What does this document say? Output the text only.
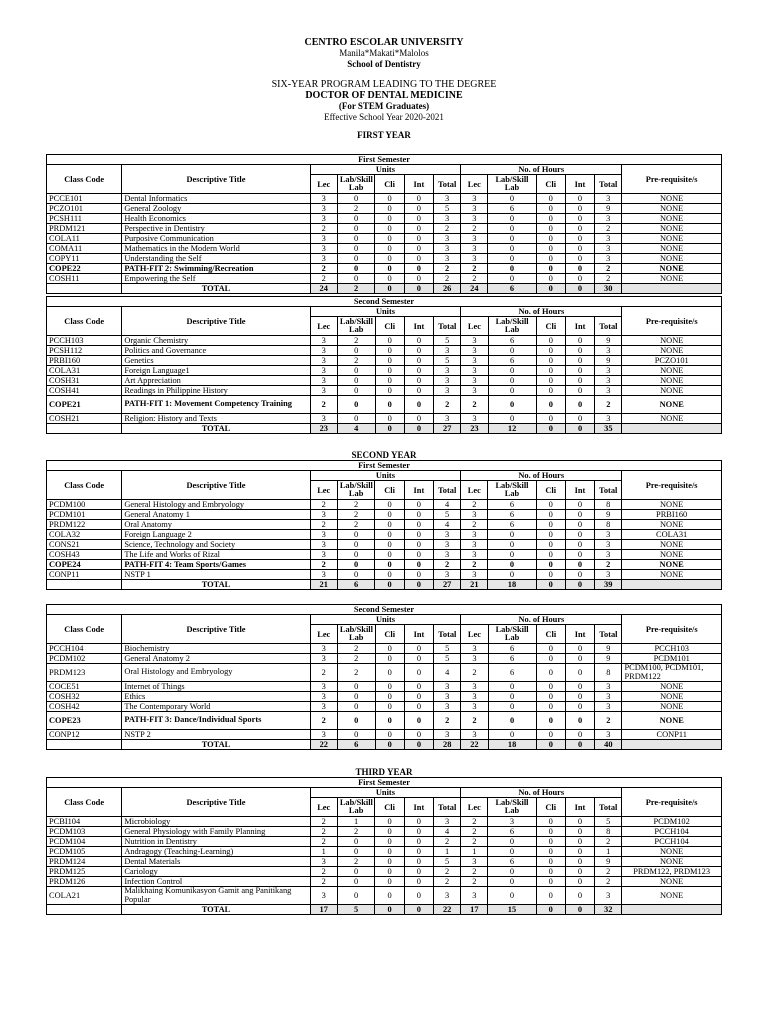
CENTRO ESCOLAR UNIVERSITY

Manila*Makati*Malolos

School of Dentistry

SIX-YEAR PROGRAM LEADING TO THE DEGREE

DOCTOR OF DENTAL MEDICINE

(For STEM Graduates)

Effective School Year 2020-2021

FIRST YEAR
First Semester												
Class Code	Descriptive Title	Units					No. of Hours					Pre-requisite/s
		Lec	Lab/Skill Lab	Cli	Int	Total	Lec	Lab/Skill Lab	Cli	Int	Total	
PCCE101	Dental Informatics	3	0	0	0	3	3	0	0	0	3	NONE
PCZO101	General Zoology	3	2	0	0	5	3	6	0	0	9	NONE
PCSH111	Health Economics	3	0	0	0	3	3	0	0	0	3	NONE
PRDM121	Perspective in Dentistry	2	0	0	0	2	2	0	0	0	2	NONE
COLA11	Purposive Communication	3	0	0	0	3	3	0	0	0	3	NONE
COMA11	Mathematics in the Modern World	3	0	0	0	3	3	0	0	0	3	NONE
COPY11	Understanding the Self	3	0	0	0	3	3	0	0	0	3	NONE
COPE22	PATH-FIT 2: Swimming/Recreation	2	0	0	0	2	2	0	0	0	2	NONE
COSH11	Empowering the Self	2	0	0	0	2	2	0	0	0	2	NONE
	TOTAL	24	2	0	0	26	24	6	0	0	30	
Second Semester												
Class Code	Descriptive Title	Units					No. of Hours					Pre-requisite/s
		Lec	Lab/Skill Lab	Cli	Int	Total	Lec	Lab/Skill Lab	Cli	Int	Total	
PCCH103	Organic Chemistry	3	2	0	0	5	3	6	0	0	9	NONE
PCSH112	Politics and Governance	3	0	0	0	3	3	0	0	0	3	NONE
PRBI160	Genetics	3	2	0	0	5	3	6	0	0	9	PCZO101
COLA31	Foreign Language1	3	0	0	0	3	3	0	0	0	3	NONE
COSH31	Art Appreciation	3	0	0	0	3	3	0	0	0	3	NONE
COSH41	Readings in Philippine History	3	0	0	0	3	3	0	0	0	3	NONE
COPE21	PATH-FIT 1: Movement Competency Training	2	0	0	0	2	2	0	0	0	2	NONE
COSH21	Religion: History and Texts	3	0	0	0	3	3	0	0	0	3	NONE
	TOTAL	23	4	0	0	27	23	12	0	0	35	
SECOND YEAR
First Semester												
Class Code	Descriptive Title	Units					No. of Hours					Pre-requisite/s
		Lec	Lab/Skill Lab	Cli	Int	Total	Lec	Lab/Skill Lab	Cli	Int	Total	
PCDM100	General Histology and Embryology	2	2	0	0	4	2	6	0	0	8	NONE
PCDM101	General Anatomy 1	3	2	0	0	5	3	6	0	0	9	PRBI160
PRDM122	Oral Anatomy	2	2	0	0	4	2	6	0	0	8	NONE
COLA32	Foreign Language 2	3	0	0	0	3	3	0	0	0	3	COLA31
CONS21	Science, Technology and Society	3	0	0	0	3	3	0	0	0	3	NONE
COSH43	The Life and Works of Rizal	3	0	0	0	3	3	0	0	0	3	NONE
COPE24	PATH-FIT 4: Team Sports/Games	2	0	0	0	2	2	0	0	0	2	NONE
CONP11	NSTP 1	3	0	0	0	3	3	0	0	0	3	NONE
	TOTAL	21	6	0	0	27	21	18	0	0	39	
Second Semester												
Class Code	Descriptive Title	Units					No. of Hours					Pre-requisite/s
		Lec	Lab/Skill Lab	Cli	Int	Total	Lec	Lab/Skill Lab	Cli	Int	Total	
PCCH104	Biochemistry	3	2	0	0	5	3	6	0	0	9	PCCH103
PCDM102	General Anatomy 2	3	2	0	0	5	3	6	0	0	9	PCDM101
PRDM123	Oral Histology and Embryology	2	2	0	0	4	2	6	0	0	8	PCDM100, PCDM101, PRDM122
COCE51	Internet of Things	3	0	0	0	3	3	0	0	0	3	NONE
COSH32	Ethics	3	0	0	0	3	3	0	0	0	3	NONE
COSH42	The Contemporary World	3	0	0	0	3	3	0	0	0	3	NONE
COPE23	PATH-FIT 3: Dance/Individual Sports	2	0	0	0	2	2	0	0	0	2	NONE
CONP12	NSTP 2	3	0	0	0	3	3	0	0	0	3	CONP11
	TOTAL	22	6	0	0	28	22	18	0	0	40	
THIRD YEAR
First Semester												
Class Code	Descriptive Title	Units					No. of Hours					Pre-requisite/s
		Lec	Lab/Skill Lab	Cli	Int	Total	Lec	Lab/Skill Lab	Cli	Int	Total	
PCBI104	Microbiology	2	1	0	0	3	2	3	0	0	5	PCDM102
PCDM103	General Physiology with Family Planning	2	2	0	0	4	2	6	0	0	8	PCCH104
PCDM104	Nutrition in Dentistry	2	0	0	0	2	2	0	0	0	2	PCCH104
PCDM105	Andragogy (Teaching-Learning)	1	0	0	0	1	1	0	0	0	1	NONE
PRDM124	Dental Materials	3	2	0	0	5	3	6	0	0	9	NONE
PRDM125	Cariology	2	0	0	0	2	2	0	0	0	2	PRDM122, PRDM123
PRDM126	Infection Control	2	0	0	0	2	2	0	0	0	2	NONE
COLA21	Malikhaing Komunikasyon Gamit ang Panitikang Popular	3	0	0	0	3	3	0	0	0	3	NONE
	TOTAL	17	5	0	0	22	17	15	0	0	32	
